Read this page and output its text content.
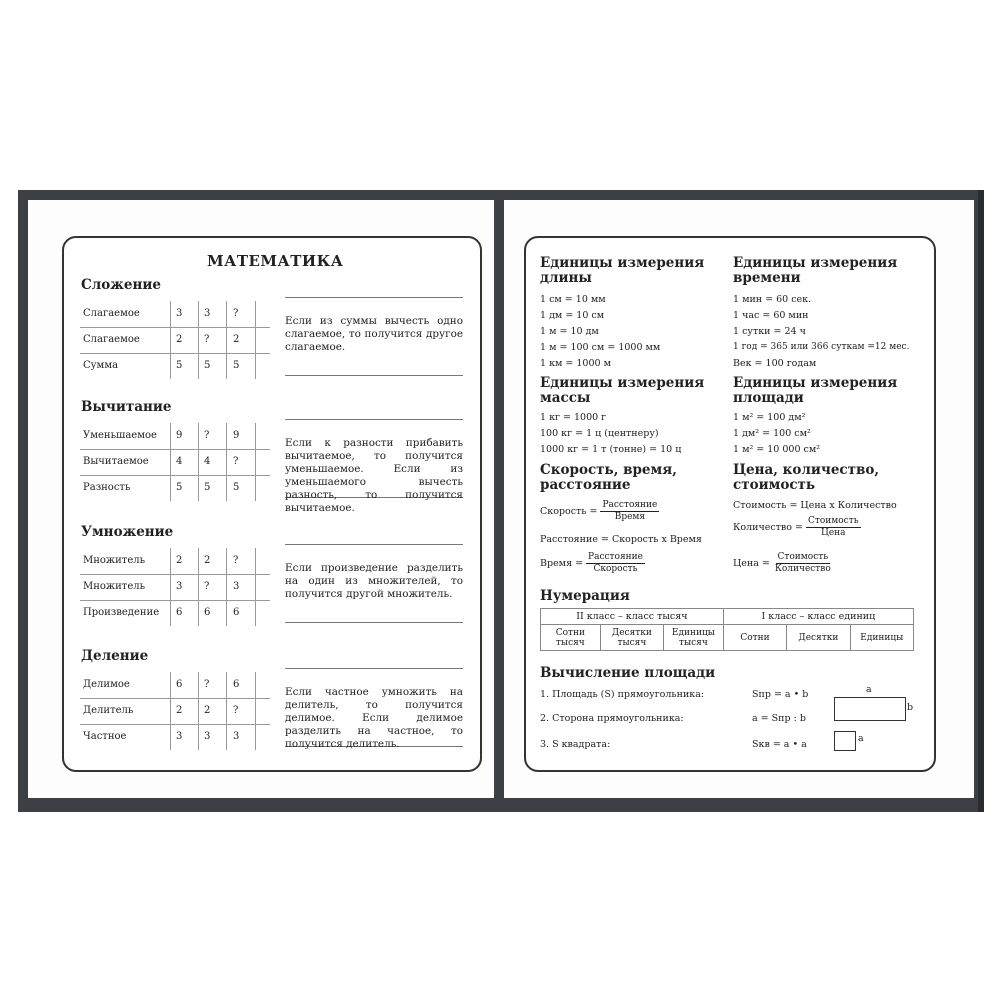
МАТЕМАТИКА
Сложение
Слагаемое	3 3 ?
Слагаемое	2 ? 2
Сумма	5 5 5
Если из суммы вычесть одно слагаемое, то получится другое слагаемое.
Вычитание
Уменьшаемое 9 ? 9
Вычитаемое	4 4 ?
Разность	5 5 5
Если к разности прибавить вычитаемое, то получится уменьшаемое. Если из уменьшаемого вычесть разность, то получится вычитаемое.
Умножение
Множитель	2 2 ?
Множитель	3 ? 3
Произведение 6 6 6
Если произведение разделить на один из множителей, то получится другой множитель.
Деление
Делимое	6 ? 6
Делитель	2 2 ?
Частное	3 3 3
Если частное умножить на делитель, то получится делимое. Если делимое разделить на частное, то получится делитель.
Единицы измерения длины
1 см = 10 мм
1 дм = 10 см
1 м = 10 дм
1 м = 100 см = 1000 мм
1 км = 1000 м
Единицы измерения времени
1 мин = 60 сек.
1 час = 60 мин
1 сутки = 24 ч
1 год = 365 или 366 суткам =12 мес.
Век = 100 годам
Единицы измерения массы
1 кг = 1000 г
100 кг = 1 ц (центнеру)
1000 кг = 1 т (тонне) = 10 ц
Единицы измерения площади
1 м² = 100 дм²
1 дм² = 100 см²
1 м² = 10 000 см²
Скорость, время, расстояние
Скорость = $\frac{\text{Расстояние}}{\text{Время}}$
Расстояние = Скорость х Время
Время = $\frac{\text{Расстояние}}{\text{Скорость}}$
Цена, количество, стоимость
Стоимость = Цена х Количество
Количество = $\frac{\text{Стоимость}}{\text{Цена}}$
Цена = $\frac{\text{Стоимость}}{\text{Количество}}$
Нумерация
II класс – класс тысяч			I класс – класс единиц		
Сотни тысяч	Десятки тысяч	Единицы тысяч	Сотни	Десятки	Единицы
Вычисление площади
1. Площадь (S) прямоугольника:	Sпр = a • b
2. Сторона прямоугольника:	a = Sпр : b
3. S квадрата:	Sкв = a • a
a
b
a
